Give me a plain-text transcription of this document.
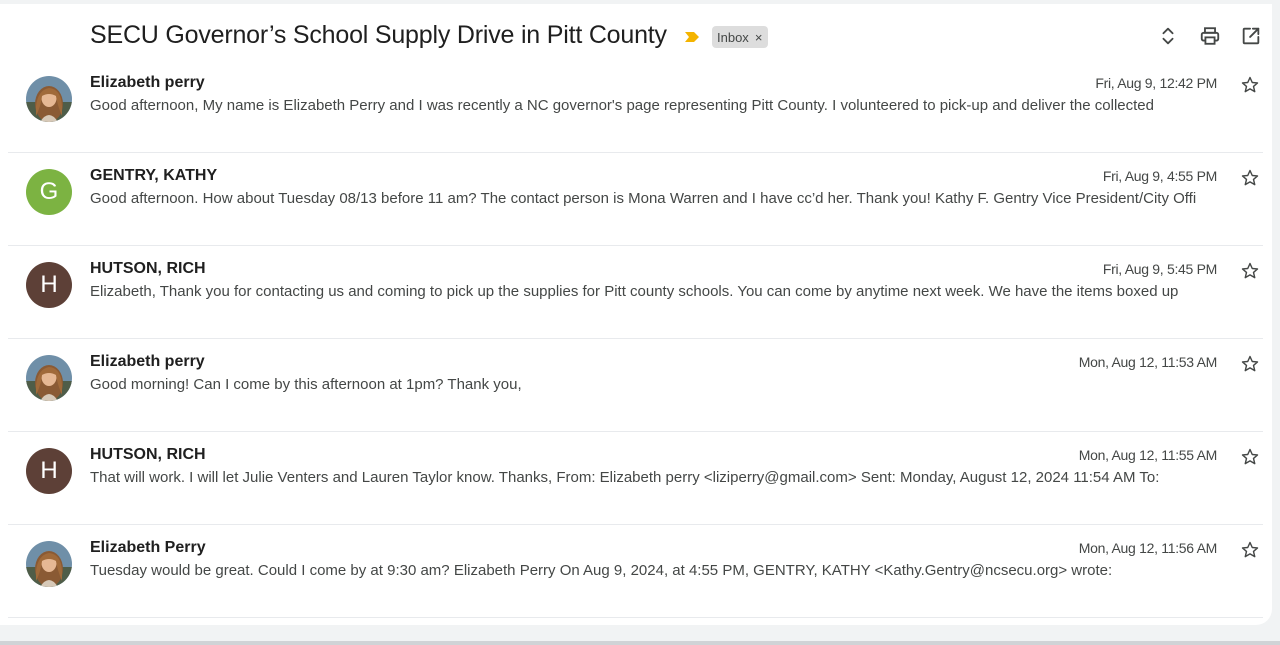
SECU Governor’s School Supply Drive in Pitt County	Inbox ×
Elizabeth perry
Good afternoon, My name is Elizabeth Perry and I was recently a NC governor's page representing Pitt County. I volunteered to pick-up and deliver the collected
Fri, Aug 9, 12:42 PM
G
GENTRY, KATHY
Good afternoon. How about Tuesday 08/13 before 11 am? The contact person is Mona Warren and I have cc’d her. Thank you! Kathy F. Gentry Vice President/City Offi
Fri, Aug 9, 4:55 PM
H
HUTSON, RICH
Elizabeth, Thank you for contacting us and coming to pick up the supplies for Pitt county schools. You can come by anytime next week. We have the items boxed up
Fri, Aug 9, 5:45 PM
Elizabeth perry
Good morning! Can I come by this afternoon at 1pm? Thank you,
Mon, Aug 12, 11:53 AM
H
HUTSON, RICH
That will work. I will let Julie Venters and Lauren Taylor know. Thanks, From: Elizabeth perry <liziperry@gmail.com> Sent: Monday, August 12, 2024 11:54 AM To:
Mon, Aug 12, 11:55 AM
Elizabeth Perry
Tuesday would be great. Could I come by at 9:30 am? Elizabeth Perry On Aug 9, 2024, at 4:55 PM, GENTRY, KATHY <Kathy.Gentry@ncsecu.org> wrote:
Mon, Aug 12, 11:56 AM
